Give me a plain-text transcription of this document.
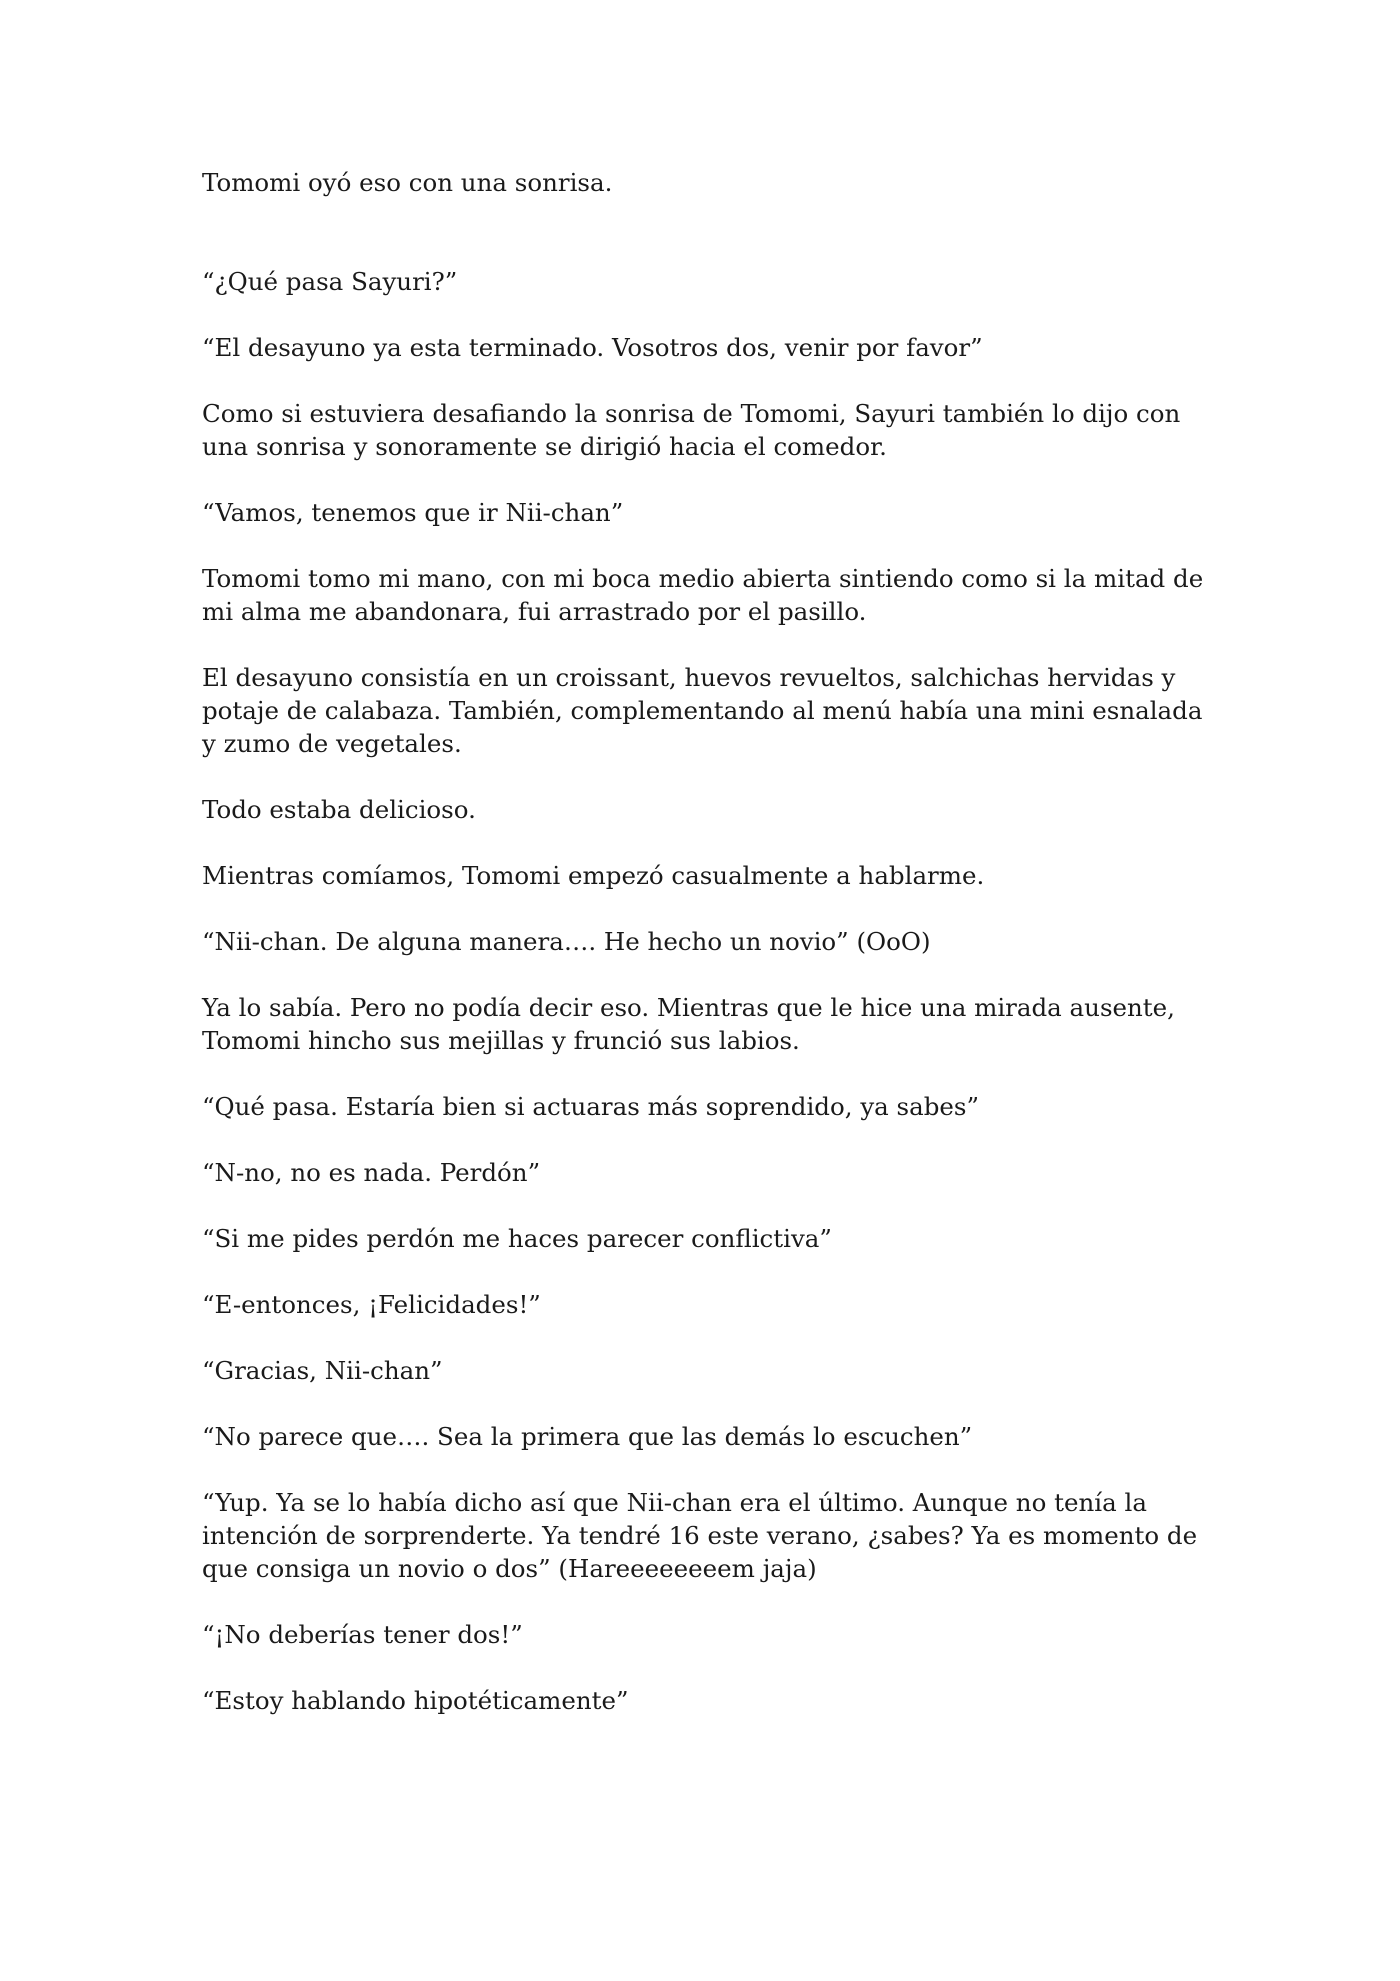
Tomomi oyó eso con una sonrisa.

“¿Qué pasa Sayuri?”

“El desayuno ya esta terminado. Vosotros dos, venir por favor”

Como si estuviera desafiando la sonrisa de Tomomi, Sayuri también lo dijo con una sonrisa y sonoramente se dirigió hacia el comedor.

“Vamos, tenemos que ir Nii-chan”

Tomomi tomo mi mano, con mi boca medio abierta sintiendo como si la mitad de mi alma me abandonara, fui arrastrado por el pasillo.

El desayuno consistía en un croissant, huevos revueltos, salchichas hervidas y potaje de calabaza. También, complementando al menú había una mini esnalada y zumo de vegetales.

Todo estaba delicioso.

Mientras comíamos, Tomomi empezó casualmente a hablarme.

“Nii-chan. De alguna manera…. He hecho un novio” (OoO)

Ya lo sabía. Pero no podía decir eso. Mientras que le hice una mirada ausente, Tomomi hincho sus mejillas y frunció sus labios.

“Qué pasa. Estaría bien si actuaras más soprendido, ya sabes”

“N-no, no es nada. Perdón”

“Si me pides perdón me haces parecer conflictiva”

“E-entonces, ¡Felicidades!”

“Gracias, Nii-chan”

“No parece que…. Sea la primera que las demás lo escuchen”

“Yup. Ya se lo había dicho así que Nii-chan era el último. Aunque no tenía la intención de sorprenderte. Ya tendré 16 este verano, ¿sabes? Ya es momento de que consiga un novio o dos” (Hareeeeeeeem jaja)

“¡No deberías tener dos!”

“Estoy hablando hipotéticamente”
